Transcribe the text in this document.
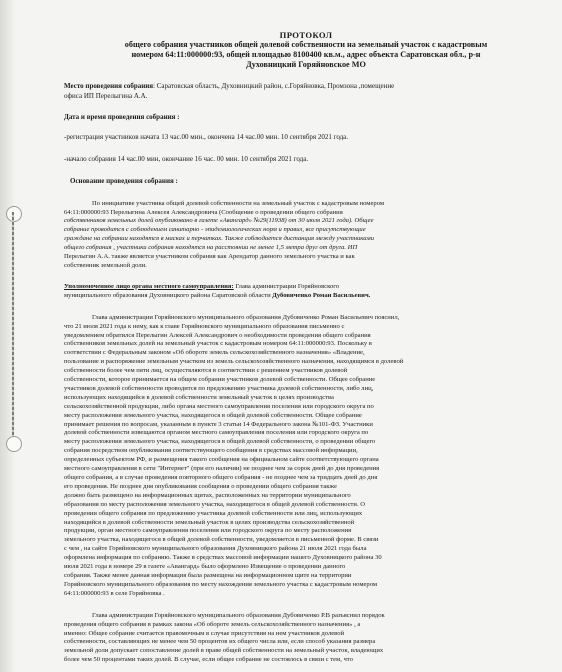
ПРОТОКОЛ
общего собрания участников общей долевой собственности на земельный участок с кадастровым
номером 64:11:000000:93, общей площадью 8100400 кв.м., адрес объекта Саратовская обл., р-н
Духовницкий Горяйновское МО

Место проведения собрания: Саратовская область, Духовницкий район, с.Горяйновка, Промзона ,помещение
офиса ИП Перелыгина А.А.

Дата и время проведения собрания :

-регистрация участников начата 13 час.00 мин., окончена 14 час.00 мин. 10 сентября 2021 года.

-начало собрания 14 час.00 мин, окончание 16 час. 00 мин. 10 сентября 2021 года.

Основание проведения собрания :

По инициативе участника общей долевой собственности на земельный участок с кадастровым номером

64:11:000000:93 Перелыгина Алексея Александровича (Сообщение о проведении общего собрания

собственников земельных долей опубликовано в газете «Авангард» №29(11938) от 30 июля 2021 года). Общее

собрание проводится с соблюдением санитарно - эпидемиологических норм и правил, все присутствующие

граждане на собрании находятся в масках и перчатках. Также соблюдается дистанция между участниками

общего собрания , участники собрания находятся на расстоянии не менее 1,5 метра друг от друга. ИП

Перелыгин А.А. также является участником собрания как Арендатор данного земельного участка и как

собственник земельной доли.

Уполномоченное лицо органа местного самоуправления: Глава администрации Горяйновского

муниципального образования Духовницкого района Саратовской области Дубовиченко Роман Васильевич.

Глава администрации Горяйновского муниципального образования Дубовиченко Роман Васильевич пояснил,

что 21 июля 2021 года к нему, как к главе Горяйновского муниципального образования письменно с

уведомлением обратился Перелыгин Алексей Александрович о необходимости проведения общего собрания

собственников земельных долей на земельный участок с кадастровым номером 64:11:000000:93. Поскольку в

соответствии с Федеральным законом «Об обороте земель сельскохозяйственного назначения» «Владение,

пользование и распоряжение земельным участком из земель сельскохозяйственного назначения, находящимся в долевой

собственности более чем пяти лиц, осуществляются в соответствии с решением участников долевой

собственности, которое принимается на общем собрании участников долевой собственности. Общее собрание

участников долевой собственности проводится по предложению участника долевой собственности, либо лиц,

использующих находящийся в долевой собственности земельный участок в целях производства

сельскохозяйственной продукции, либо органа местного самоуправления поселения или городского округа по

месту расположения земельного участка, находящегося в общей долевой собственности. Общее собрание

принимает решения по вопросам, указанным в пункте 3 статьи 14 Федерального закона №101-ФЗ. Участники

долевой собственности извещаются органом местного самоуправления поселения или городского округа по

месту расположения земельного участка, находящегося в общей долевой собственности, о проведении общего

собрания посредством опубликования соответствующего сообщения в средствах массовой информации,

определенных субъектом РФ, и размещения такого сообщения на официальном сайте соответствующего органа

местного самоуправления в сети "Интернет" (при его наличии) не позднее чем за сорок дней до дня проведения

общего собрания, а в случае проведения повторного общего собрания - не позднее чем за тридцать дней до дня

его проведения. Не позднее дня опубликования сообщения о проведении общего собрания также

должно быть размещено на информационных щитах, расположенных на территории муниципального

образования по месту расположения земельного участка, находящегося в общей долевой собственности. О

проведении общего собрания по предложению участника долевой собственности или лиц, использующих

находящийся в долевой собственности земельный участок в целях производства сельскохозяйственной

продукции, орган местного самоуправления поселения или городского округа по месту расположения

земельного участка, находящегося в общей долевой собственности, уведомляется в письменной форме. В связи

с чем , на сайте Горяйновского муниципального образования Духовницкого района 21 июля 2021 года была

оформлена информация по собранию. Также в средствах массовой информации нашего Духовницкого района 30

июля 2021 года в номере 29 в газете «Авангард» было оформлено Извещение о проведении данного

собрания. Также менее данная информация была размещена на информационном щите на территории

Горяйновского муниципального образования по месту нахождения земельного участка с кадастровым номером

64:11:000000:93 в селе Горяйновка .

Глава администрации Горяйновского муниципального образования Дубовиченко Р.В разъяснил порядок

проведения общего собрания в рамках закона «Об обороте земель сельскохозяйственного назначения» , а

именно: Общее собрание считается правомочным в случае присутствия на нем участников долевой

собственности, составляющих не менее чем 50 процентов их общего числа или, если способ указания размера

земельной доли допускает сопоставление долей в праве общей собственности на земельный участок, владеющих

более чем 50 процентами таких долей. В случае, если общее собрание не состоялось в связи с тем, что
